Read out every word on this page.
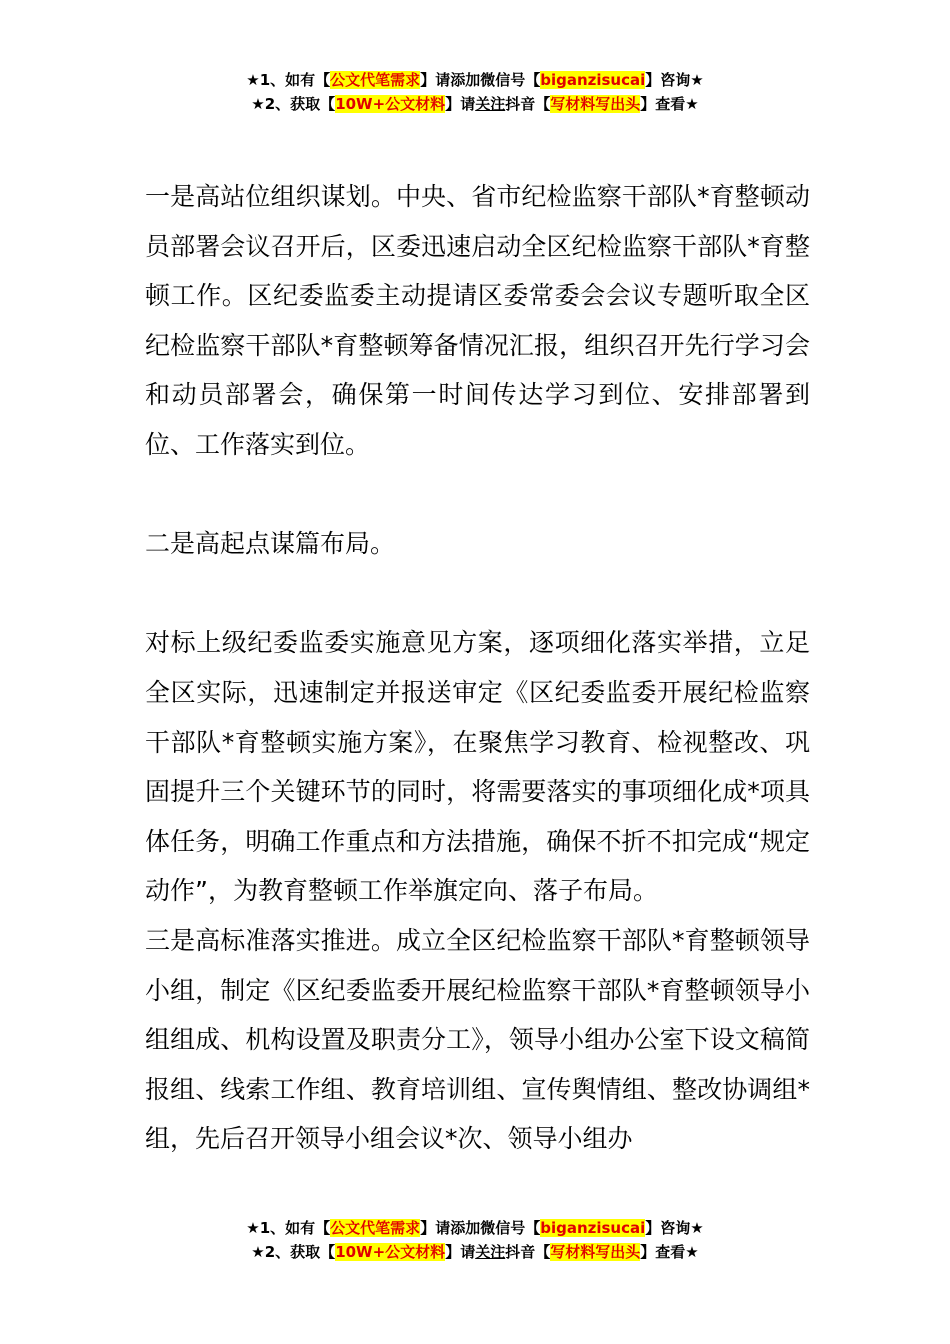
★1、如有【公文代笔需求】请添加微信号【biganzisucai】咨询★
★2、获取【10W+公文材料】请关注抖音【写材料写出头】查看★

一是高站位组织谋划。中央、省市纪检监察干部队*育整顿动员部署会议召开后，区委迅速启动全区纪检监察干部队*育整顿工作。区纪委监委主动提请区委常委会会议专题听取全区纪检监察干部队*育整顿筹备情况汇报，组织召开先行学习会和动员部署会，确保第一时间传达学习到位、安排部署到位、工作落实到位。

二是高起点谋篇布局。

对标上级纪委监委实施意见方案，逐项细化落实举措，立足全区实际，迅速制定并报送审定《区纪委监委开展纪检监察干部队*育整顿实施方案》，在聚焦学习教育、检视整改、巩固提升三个关键环节的同时，将需要落实的事项细化成*项具体任务，明确工作重点和方法措施，确保不折不扣完成“规定动作”，为教育整顿工作举旗定向、落子布局。

三是高标准落实推进。成立全区纪检监察干部队*育整顿领导小组，制定《区纪委监委开展纪检监察干部队*育整顿领导小组组成、机构设置及职责分工》，领导小组办公室下设文稿简报组、线索工作组、教育培训组、宣传舆情组、整改协调组*组，先后召开领导小组会议*次、领导小组办

★1、如有【公文代笔需求】请添加微信号【biganzisucai】咨询★
★2、获取【10W+公文材料】请关注抖音【写材料写出头】查看★
